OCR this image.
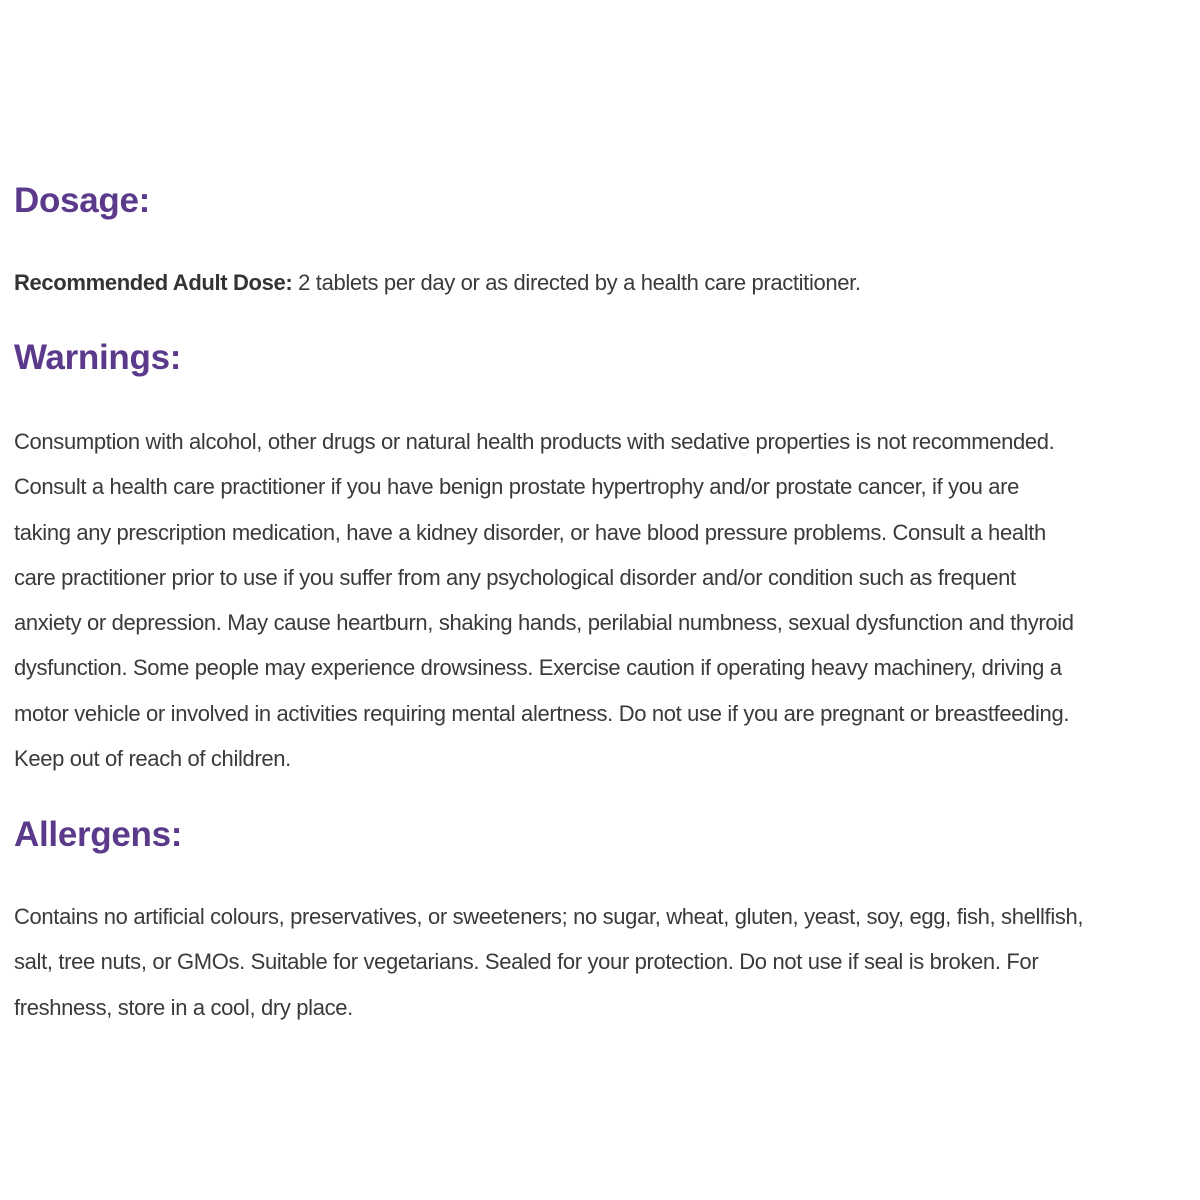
Dosage:

Recommended Adult Dose: 2 tablets per day or as directed by a health care practitioner.

Warnings:

Consumption with alcohol, other drugs or natural health products with sedative properties is not recommended.
Consult a health care practitioner if you have benign prostate hypertrophy and/or prostate cancer, if you are
taking any prescription medication, have a kidney disorder, or have blood pressure problems. Consult a health
care practitioner prior to use if you suffer from any psychological disorder and/or condition such as frequent
anxiety or depression. May cause heartburn, shaking hands, perilabial numbness, sexual dysfunction and thyroid
dysfunction. Some people may experience drowsiness. Exercise caution if operating heavy machinery, driving a
motor vehicle or involved in activities requiring mental alertness. Do not use if you are pregnant or breastfeeding.
Keep out of reach of children.

Allergens:

Contains no artificial colours, preservatives, or sweeteners; no sugar, wheat, gluten, yeast, soy, egg, fish, shellfish,
salt, tree nuts, or GMOs. Suitable for vegetarians. Sealed for your protection. Do not use if seal is broken. For
freshness, store in a cool, dry place.
